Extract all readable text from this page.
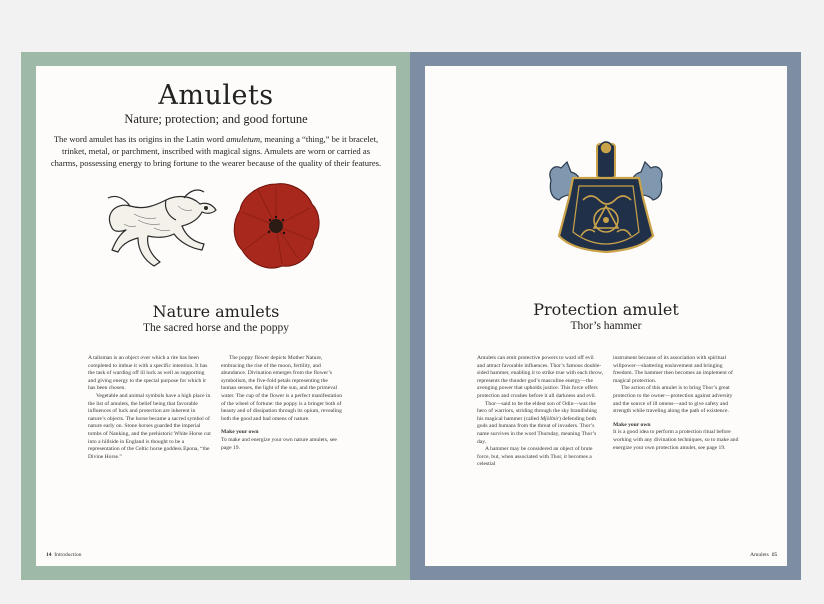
Amulets
Nature; protection; and good fortune
The word amulet has its origins in the Latin word amuletum, meaning a “thing,” be it bracelet, trinket, metal, or parchment, inscribed with magical signs. Amulets are worn or carried as charms, possessing energy to bring fortune to the wearer because of the quality of their features.
Nature amulets
The sacred horse and the poppy

A talisman is an object over which a rite has been completed to imbue it with a specific intention. It has the task of warding off ill luck as well as supporting and giving energy to the special purpose for which it has been chosen.

Vegetable and animal symbols have a high place in the list of amulets, the belief being that favorable influences of luck and protection are inherent in nature’s objects. The horse became a sacred symbol of nature early on. Stone horses guarded the imperial tombs of Nanking, and the prehistoric White Horse cut into a hillside in England is thought to be a representation of the Celtic horse goddess Epona, “the Divine Horse.”

The poppy flower depicts Mother Nature, embracing the rise of the moon, fertility, and abundance. Divination emerges from the flower’s symbolism, the five-fold petals representing the human senses, the light of the sun, and the primeval water. The cup of the flower is a perfect manifestation of the wheel of fortune: the poppy is a bringer both of beauty and of dissipation through its opium, revealing both the good and bad omens of nature.

Make your own

To make and energize your own nature amulets, see page 19.

14 Introduction
Protection amulet
Thor’s hammer

Amulets can emit protective powers to ward off evil and attract favorable influences. Thor’s famous double-sided hammer, enabling it to strike true with each throw, represents the thunder god’s masculine energy—the avenging power that upholds justice. This force offers protection and crushes before it all darkness and evil.

Thor—said to be the eldest son of Odin—was the hero of warriors, striding through the sky brandishing his magical hammer (called Mjöllnir) defending both gods and humans from the threat of invaders. Thor’s name survives in the word Thursday, meaning Thor’s day.

A hammer may be considered an object of brute force, but, when associated with Thor, it becomes a celestial

instrument because of its association with spiritual willpower—shattering enslavement and bringing freedom. The hammer then becomes an implement of magical protection.

The action of this amulet is to bring Thor’s great protection to the owner—protection against adversity and the source of ill omens—and to give safety and strength while traveling along the path of existence.

Make your own

It is a good idea to perform a protection ritual before working with any divination techniques, so to make and energize your own protection amulet, see page 19.

Amulets 15
